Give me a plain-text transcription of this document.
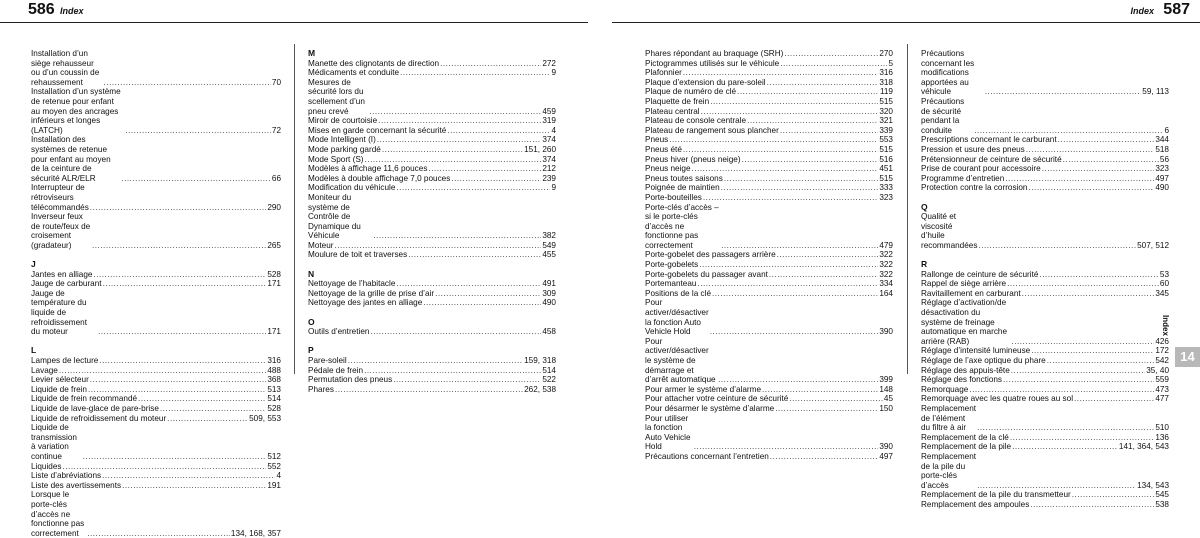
586 Index	Index 587
Installation d’un siège rehausseur ou d’un coussin de rehaussement .....	70
Installation d’un système de retenue pour enfant au moyen des ancrages inférieurs et longes (LATCH) .....	72
Installation des systèmes de retenue pour enfant au moyen de la ceinture de sécurité ALR/ELR .....	66
Interrupteur de rétroviseurs télécommandés .....	290
Inverseur feux de route/feux de croisement (gradateur) .....	265
J
Jantes en alliage .....	528
Jauge de carburant .....	171
Jauge de température du liquide de refroidissement du moteur .....	171
L
Lampes de lecture .....	316
Lavage .....	488
Levier sélecteur .....	368
Liquide de frein .....	513
Liquide de frein recommandé .....	514
Liquide de lave-glace de pare-brise .....	528
Liquide de refroidissement du moteur .....	509, 553
Liquide de transmission à variation continue .....	512
Liquides .....	552
Liste d’abréviations .....	4
Liste des avertissements .....	191
Lorsque le porte-clés d’accès ne fonctionne pas correctement .....	134, 168, 357
M
Manette des clignotants de direction .....	272
Médicaments et conduite .....	9
Mesures de sécurité lors du scellement d’un pneu crevé .....	459
Miroir de courtoisie .....	319
Mises en garde concernant la sécurité .....	4
Mode Intelligent (I) .....	374
Mode parking gardé .....	151, 260
Mode Sport (S) .....	374
Modèles à affichage 11,6 pouces .....	212
Modèles à double affichage 7,0 pouces .....	239
Modification du véhicule .....	9
Moniteur du système de Contrôle de Dynamique du Véhicule .....	382
Moteur .....	549
Moulure de toit et traverses .....	455
N
Nettoyage de l’habitacle .....	491
Nettoyage de la grille de prise d’air .....	309
Nettoyage des jantes en alliage .....	490
O
Outils d’entretien .....	458
P
Pare-soleil .....	159, 318
Pédale de frein .....	514
Permutation des pneus .....	522
Phares .....	262, 538
Phares répondant au braquage (SRH) .....	270
Pictogrammes utilisés sur le véhicule .....	5
Plafonnier .....	316
Plaque d’extension du pare-soleil .....	318
Plaque de numéro de clé .....	119
Plaquette de frein .....	515
Plateau central .....	320
Plateau de console centrale .....	321
Plateau de rangement sous plancher .....	339
Pneus .....	553
Pneus été .....	515
Pneus hiver (pneus neige) .....	516
Pneus neige .....	451
Pneus toutes saisons .....	515
Poignée de maintien .....	333
Porte-bouteilles .....	323
Porte-clés d’accès – si le porte-clés d’accès ne fonctionne pas correctement .....	479
Porte-gobelet des passagers arrière .....	322
Porte-gobelets .....	322
Porte-gobelets du passager avant .....	322
Portemanteau .....	334
Positions de la clé .....	164
Pour activer/désactiver la fonction Auto Vehicle Hold .....	390
Pour activer/désactiver le système de démarrage et d’arrêt automatique .....	399
Pour armer le système d’alarme .....	148
Pour attacher votre ceinture de sécurité .....	45
Pour désarmer le système d’alarme .....	150
Pour utiliser la fonction Auto Vehicle Hold .....	390
Précautions concernant l’entretien .....	497
Précautions concernant les modifications apportées au véhicule .....	59, 113
Précautions de sécurité pendant la conduite .....	6
Prescriptions concernant le carburant .....	344
Pression et usure des pneus .....	518
Prétensionneur de ceinture de sécurité .....	56
Prise de courant pour accessoire .....	323
Programme d’entretien .....	497
Protection contre la corrosion .....	490
Q
Qualité et viscosité d’huile recommandées .....	507, 512
R
Rallonge de ceinture de sécurité .....	53
Rappel de siège arrière .....	60
Ravitaillement en carburant .....	345
Réglage d’activation/de désactivation du système de freinage automatique en marche arrière (RAB) .....	426
Réglage d’intensité lumineuse .....	172
Réglage de l’axe optique du phare .....	542
Réglage des appuis-tête .....	35, 40
Réglage des fonctions .....	559
Remorquage .....	473
Remorquage avec les quatre roues au sol .....	477
Remplacement de l’élément du filtre à air .....	510
Remplacement de la clé .....	136
Remplacement de la pile .....	141, 364, 543
Remplacement de la pile du porte-clés d’accès .....	134, 543
Remplacement de la pile du transmetteur .....	545
Remplacement des ampoules .....	538
Index
14
